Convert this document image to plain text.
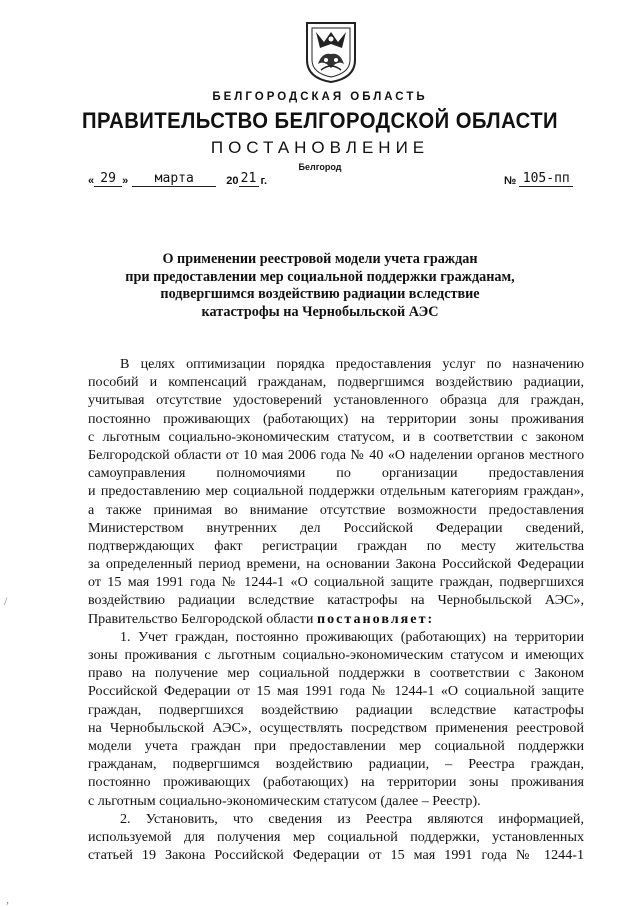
БЕЛГОРОДСКАЯ ОБЛАСТЬ
ПРАВИТЕЛЬСТВО БЕЛГОРОДСКОЙ ОБЛАСТИ
ПОСТАНОВЛЕНИЕ
Белгород
« 29 »	марта	20 21 г.	№ 105-пп
О применении реестровой модели учета граждан
при предоставлении мер социальной поддержки гражданам,
подвергшимся воздействию радиации вследствие
катастрофы на Чернобыльской АЭС
В целях оптимизации порядка предоставления услуг по назначению
пособий и компенсаций гражданам, подвергшимся воздействию радиации,
учитывая отсутствие удостоверений установленного образца для граждан,
постоянно проживающих (работающих) на территории зоны проживания
с льготным социально-экономическим статусом, и в соответствии с законом
Белгородской области от 10 мая 2006 года № 40 «О наделении органов местного
самоуправления полномочиями по организации предоставления
и предоставлению мер социальной поддержки отдельным категориям граждан»,
а также принимая во внимание отсутствие возможности предоставления
Министерством внутренних дел Российской Федерации сведений,
подтверждающих факт регистрации граждан по месту жительства
за определенный период времени, на основании Закона Российской Федерации
от 15 мая 1991 года № 1244-1 «О социальной защите граждан, подвергшихся
воздействию радиации вследствие катастрофы на Чернобыльской АЭС»,
Правительство Белгородской области постановляет:
1. Учет граждан, постоянно проживающих (работающих) на территории
зоны проживания с льготным социально-экономическим статусом и имеющих
право на получение мер социальной поддержки в соответствии с Законом
Российской Федерации от 15 мая 1991 года № 1244-1 «О социальной защите
граждан, подвергшихся воздействию радиации вследствие катастрофы
на Чернобыльской АЭС», осуществлять посредством применения реестровой
модели учета граждан при предоставлении мер социальной поддержки
гражданам, подвергшимся воздействию радиации, – Реестра граждан,
постоянно проживающих (работающих) на территории зоны проживания
с льготным социально-экономическим статусом (далее – Реестр).
2. Установить, что сведения из Реестра являются информацией,
используемой для получения мер социальной поддержки, установленных
статьей 19 Закона Российской Федерации от 15 мая 1991 года № 1244-1
/
,
